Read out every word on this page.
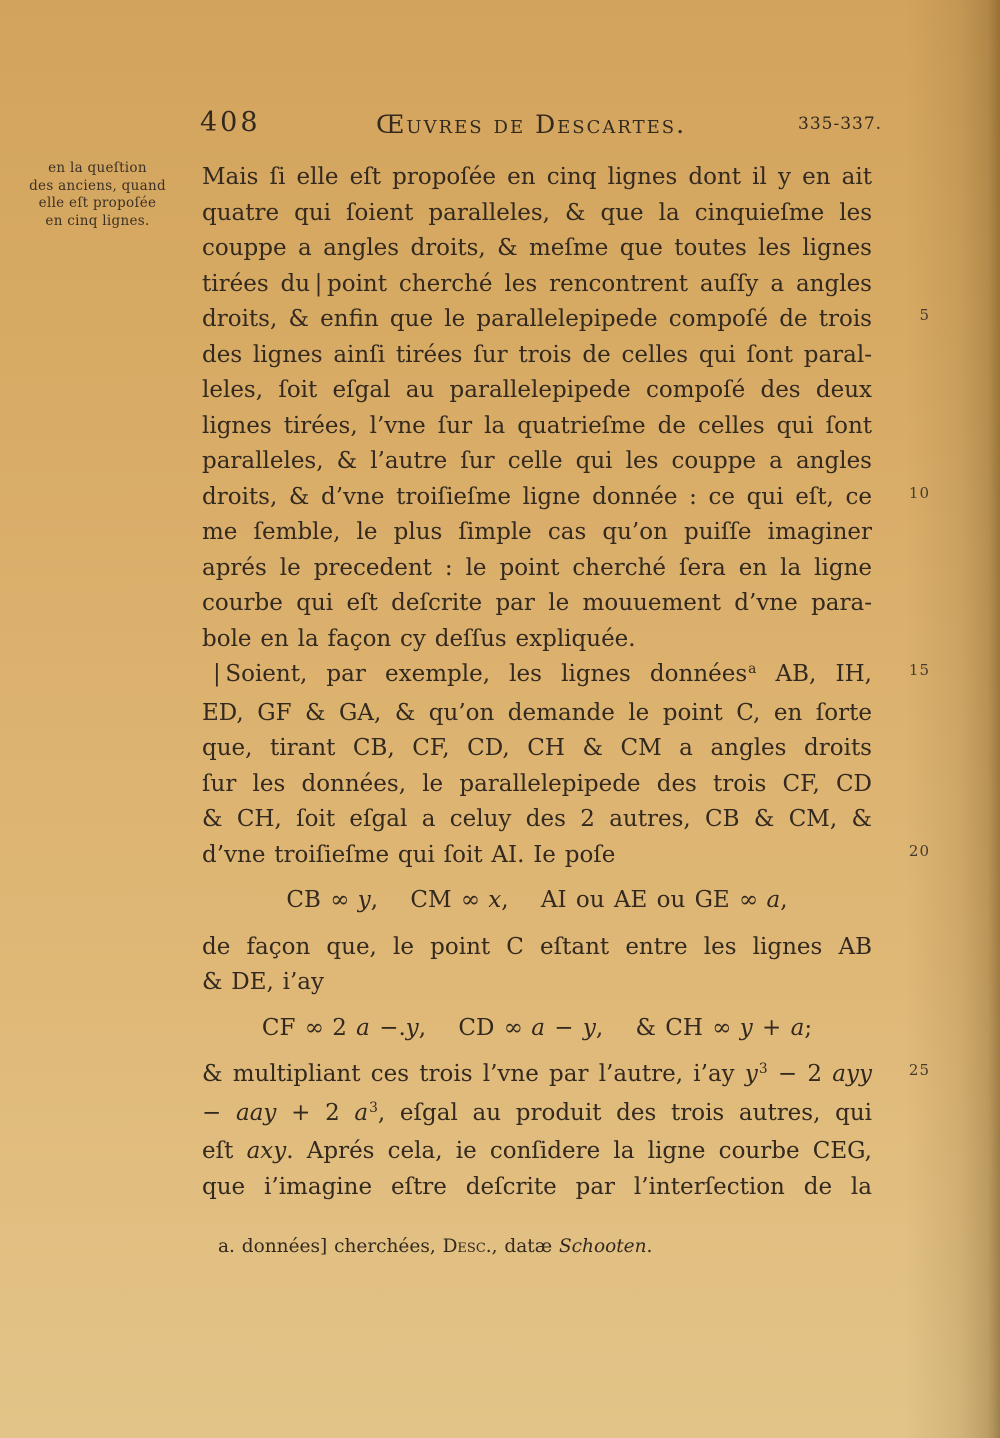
408	Œuvres de Descartes.	335-337.
en la queſtion
des anciens, quand
elle eſt propoſée
en cinq lignes.
Mais ſi elle eſt propoſée en cinq lignes dont il y en ait
quatre qui ſoient paralleles, & que la cinquieſme les
couppe a angles droits, & meſme que toutes les lignes
tirées du | point cherché les rencontrent auſſy a angles
droits, & enfin que le parallelepipede compoſé de trois	5
des lignes ainſi tirées ſur trois de celles qui ſont paral-
leles, ſoit eſgal au parallelepipede compoſé des deux
lignes tirées, l’vne ſur la quatrieſme de celles qui ſont
paralleles, & l’autre ſur celle qui les couppe a angles
droits, & d’vne troiſieſme ligne donnée : ce qui eſt, ce 10
me ſemble, le plus ſimple cas qu’on puiſſe imaginer
aprés le precedent : le point cherché ſera en la ligne
courbe qui eſt deſcrite par le mouuement d’vne para-
bole en la façon cy deſſus expliquée.
| Soient, par exemple, les lignes données$^a$ AB, IH,	15
ED, GF & GA, & qu’on demande le point C, en ſorte
que, tirant CB, CF, CD, CH & CM a angles droits
ſur les données, le parallelepipede des trois CF, CD
& CH, ſoit eſgal a celuy des 2 autres, CB & CM, &
d’vne troiſieſme qui ſoit AI. Ie poſe	20
CB ∞ y,  CM ∞ x,  AI ou AE ou GE ∞ a,
de façon que, le point C eſtant entre les lignes AB
& DE, i’ay
CF ∞ 2 a −.y,  CD ∞ a − y,  & CH ∞ y + a;
& multipliant ces trois l’vne par l’autre, i’ay $y^3 - 2$ ayy 25
− aay + 2 $a^3$, eſgal au produit des trois autres, qui
eſt axy. Aprés cela, ie conſidere la ligne courbe CEG,
que i’imagine eſtre deſcrite par l’interſection de la
a. données] cherchées, Desc., datæ Schooten.
